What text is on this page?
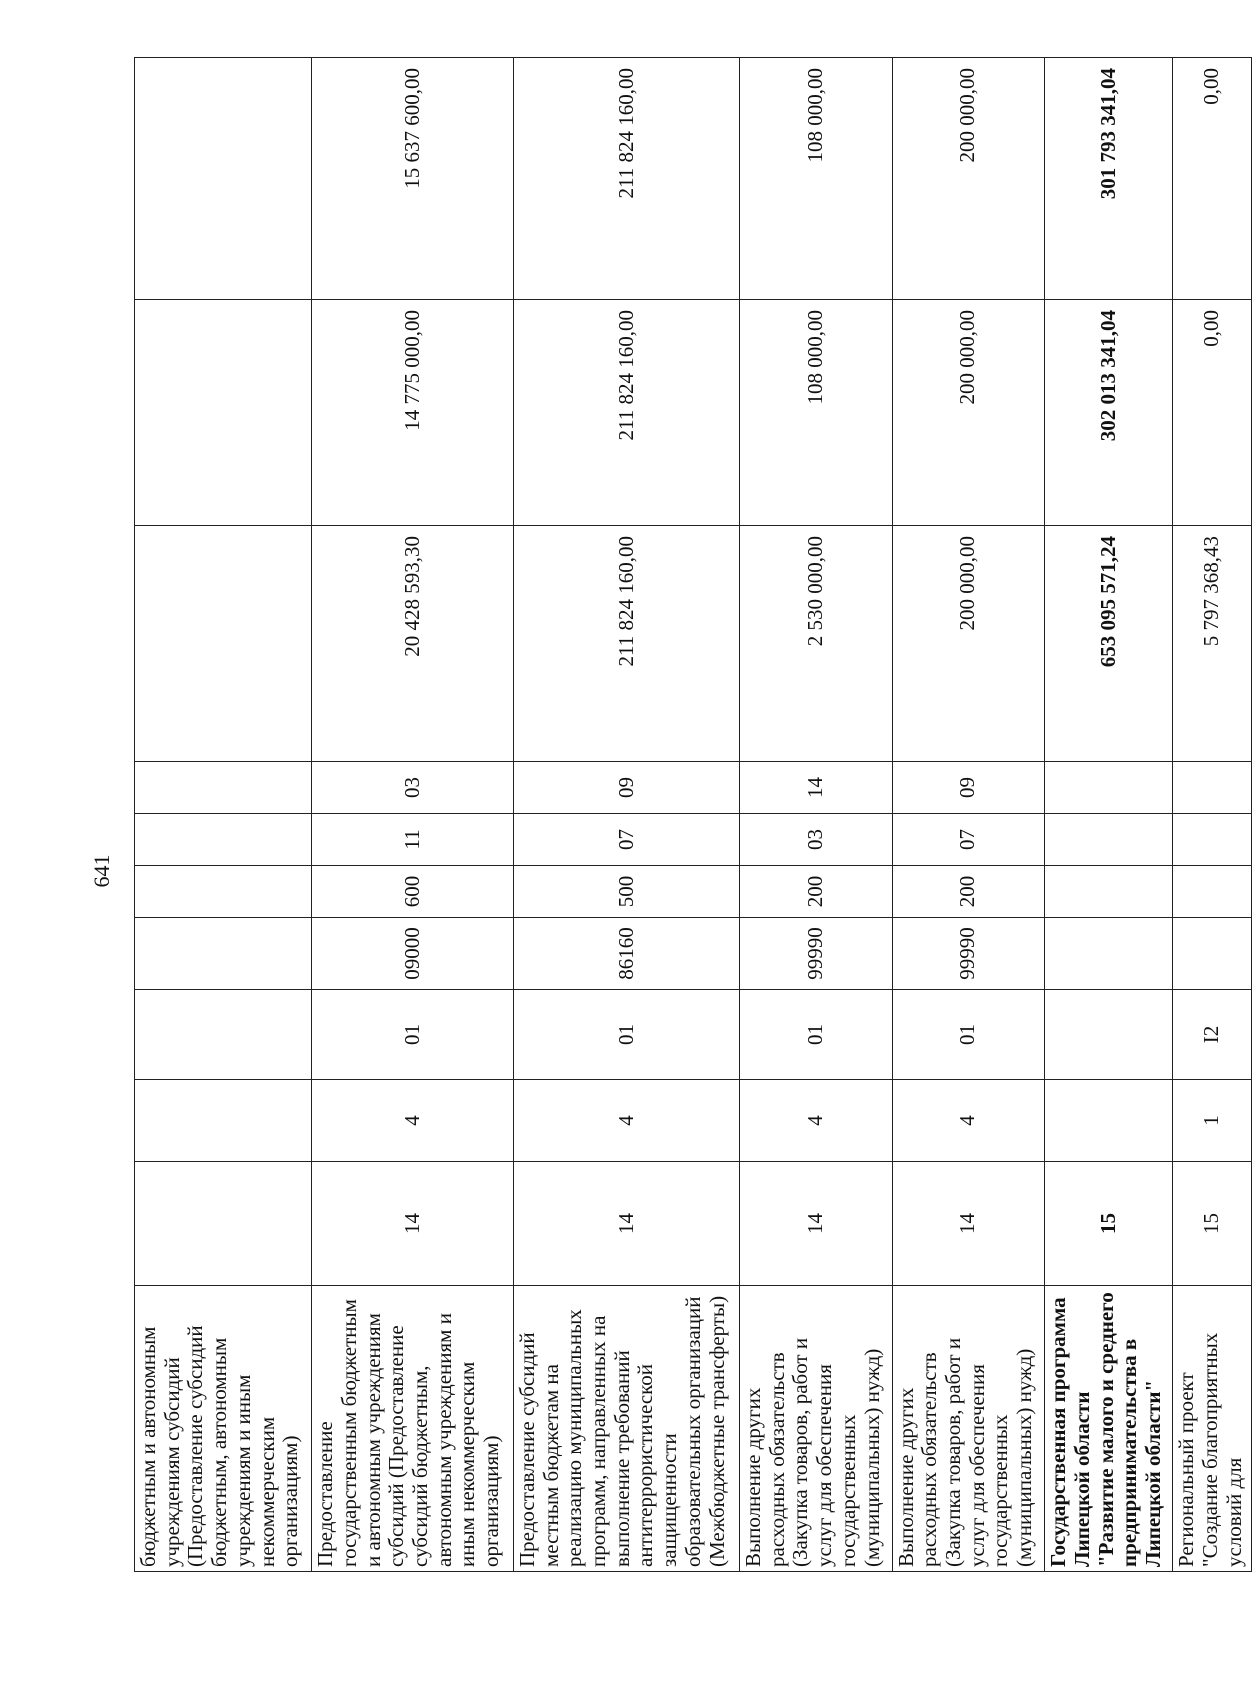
641
бюджетным и автономным учреждениям субсидий (Предоставление субсидий бюджетным, автономным учреждениям и иным некоммерческим организациям)										
Предоставление государственным бюджетным и автономным учреждениям субсидий (Предоставление субсидий бюджетным, автономным учреждениям и иным некоммерческим организациям)	14	4	01	09000	600	11	03	20 428 593,30	14 775 000,00	15 637 600,00
Предоставление субсидий местным бюджетам на реализацию муниципальных программ, направленных на выполнение требований антитеррористической защищенности образовательных организаций (Межбюджетные трансферты)	14	4	01	86160	500	07	09	211 824 160,00	211 824 160,00	211 824 160,00
Выполнение других расходных обязательств (Закупка товаров, работ и услуг для обеспечения государственных (муниципальных) нужд)	14	4	01	99990	200	03	14	2 530 000,00	108 000,00	108 000,00
Выполнение других расходных обязательств (Закупка товаров, работ и услуг для обеспечения государственных (муниципальных) нужд)	14	4	01	99990	200	07	09	200 000,00	200 000,00	200 000,00
Государственная программа Липецкой области "Развитие малого и среднего предпринимательства в Липецкой области"	15							653 095 571,24	302 013 341,04	301 793 341,04
Региональный проект "Создание благоприятных условий для	15	1	I2					5 797 368,43	0,00	0,00
